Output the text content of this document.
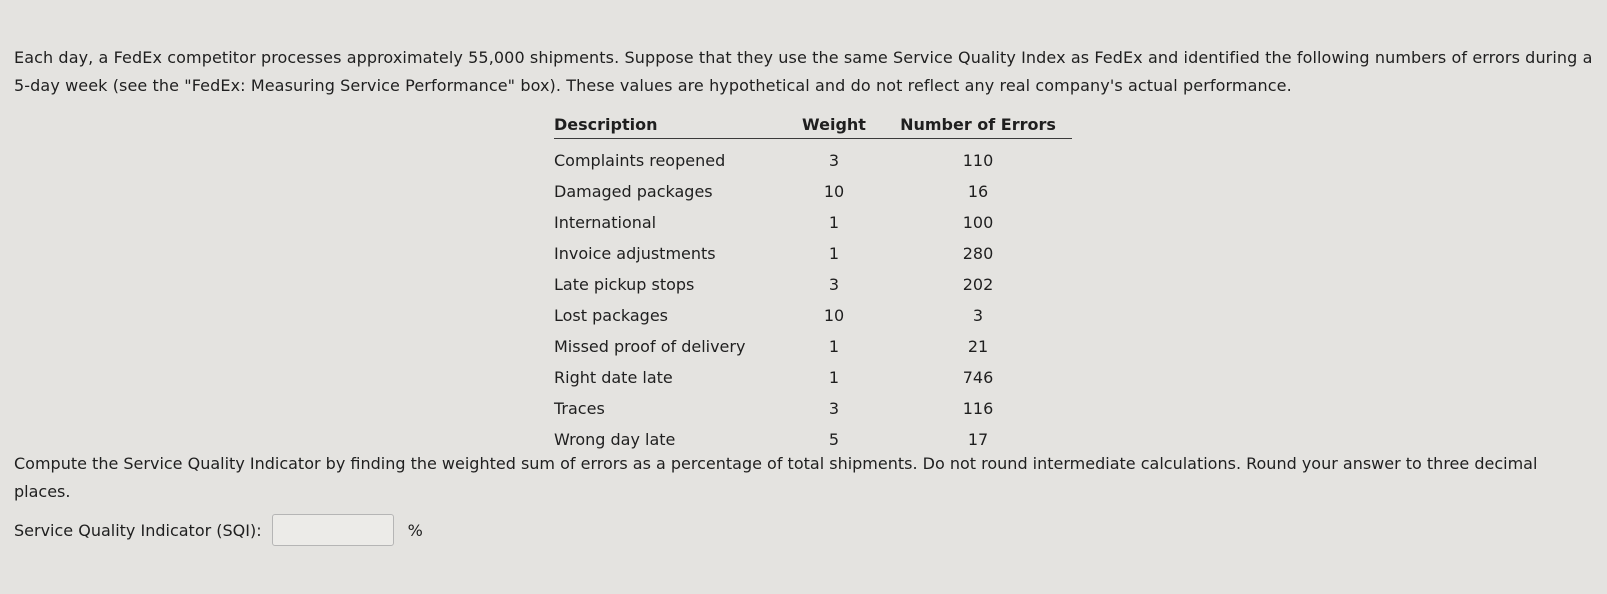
Each day, a FedEx competitor processes approximately 55,000 shipments. Suppose that they use the same Service Quality Index as FedEx and identified the following numbers of errors during a 5-day week (see the "FedEx: Measuring Service Performance" box). These values are hypothetical and do not reflect any real company's actual performance.

Description	Weight	Number of Errors
Complaints reopened	3	110
Damaged packages	10	16
International	1	100
Invoice adjustments	1	280
Late pickup stops	3	202
Lost packages	10	3
Missed proof of delivery	1	21
Right date late	1	746
Traces	3	116
Wrong day late	5	17

Compute the Service Quality Indicator by finding the weighted sum of errors as a percentage of total shipments. Do not round intermediate calculations. Round your answer to three decimal places.

Service Quality Indicator (SQI):	%
